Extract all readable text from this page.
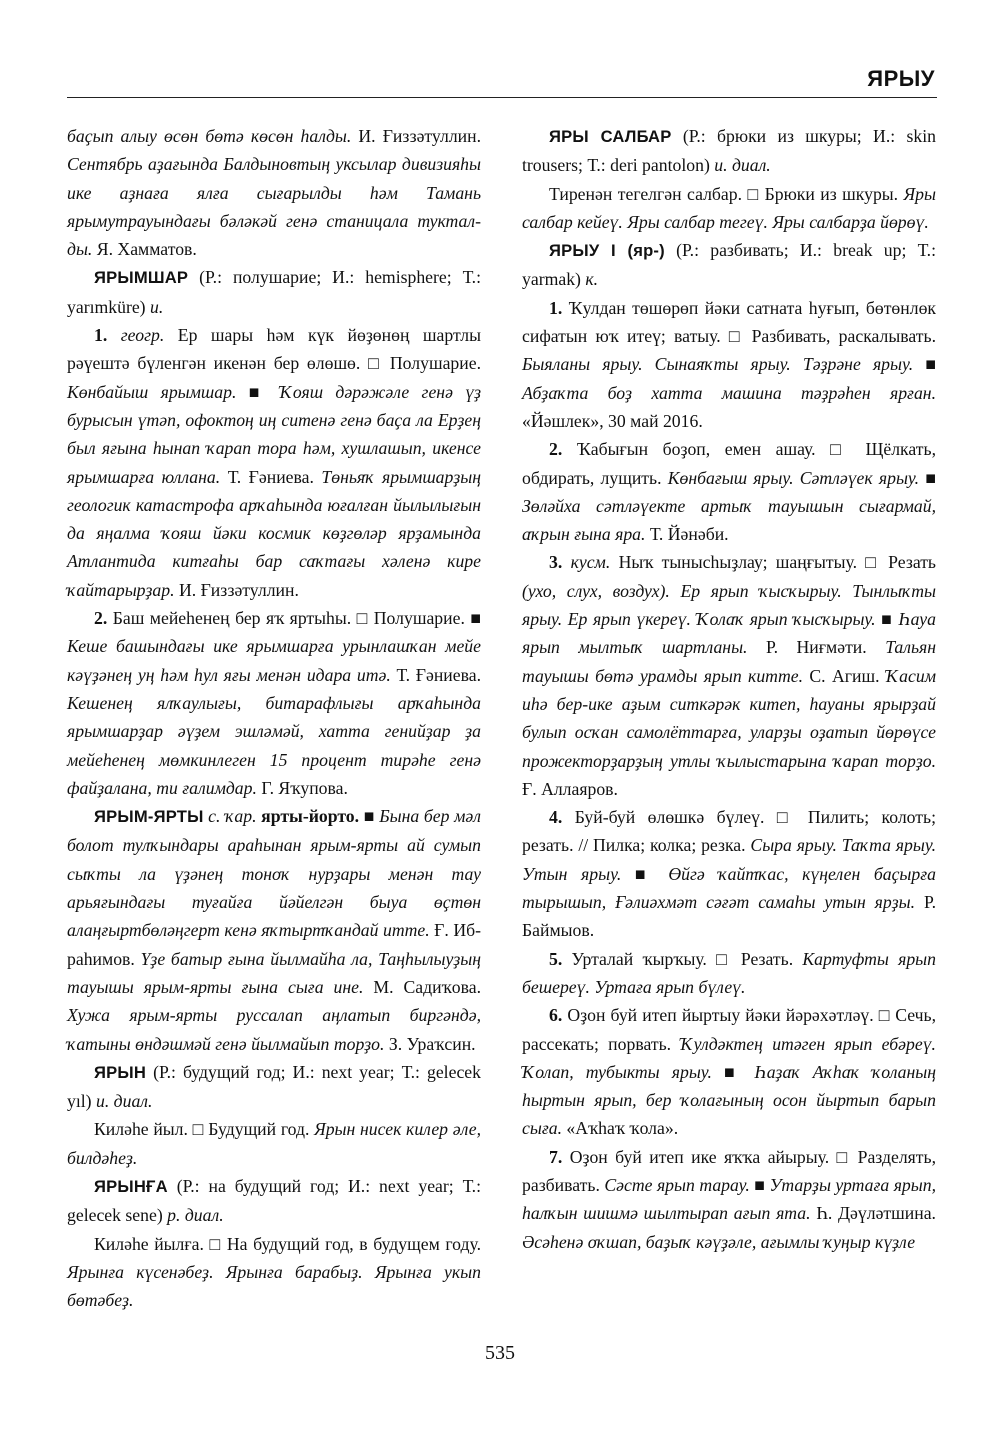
ЯРЫУ

баҫып алыу өсөн бөтә көсөн һалды. И. Ғиззәтуллин. Сентябрь аҙағында Балдыновтың уксылар дивизияhы ике аҙнаға ялға сығарылды һәм Тамань ярымутрауындағы бәләкәй генә станицала тукталды. Я. Хамматов.

ЯРЫМШАР (Р.: полушарие; И.: hemisphere; Т.: yarımküre) и.

1. геогр. Ер шары һәм күк йөҙөнөң шартлы рәүештә бүленгән икенән бер өлөшө. □ Полушарие. Көнбайыш ярымшар. ■ Ҡояш дәрәжәле генә үҙ бурысын үтәп, офоктоң иң ситенә генә баҫа ла Ерҙең был яғына һынап ҡарап тора һәм, хушлашып, икенсе ярымшарға юллана. Т. Ғәниева. Төньяҡ ярымшарҙың геологик катастрофа арҡаhында юғалған йылылығын да яңалма ҡояш йәки космик көҙгөләр ярҙамында Атлантида китғаhы бар саҡтағы хәленә кире ҡайтарырҙар. И. Ғиззәтуллин.

2. Баш мейеhенең бер яҡ яртыhы. □ Полушарие. ■ Кеше башындағы ике ярымшарға урынлашҡан мейе кәүҙәнең уң һәм һул яғы менән идара итә. Т. Ғәниева. Кешенең ялҡаулығы, битарафлығы арҡаhында ярымшарҙар әүҙем эшләмәй, хатта генийҙар ҙа мейеhенең мөмкинлеген 15 процент тиpәhе генә файҙалана, ти ғалимдар. Г. Яҡупова.

ЯРЫМ-ЯРТЫ с. ҡар. ярты-йорто. ■ Бына бер мәл болот тулҡындары араhынан ярым-ярты ай сумып сыҡты ла үҙәнең тоноҡ нурҙары менән тау арьяғындағы туғайға йәйелгән быуа өҫтөн алаңғыртбөләңгерт кенә яҡтыртҡандай итте. Ғ. Ибраhимов. Үҙе батыр ғына йылмайhа ла, Таңhылыуҙың тауышы ярым-ярты ғына сыға ине. М. Садиҡова. Хужа ярым-ярты руссалап аңлатып биргәндә, ҡатыны өндәшмәй генә йылмайып торҙо. З. Ураҡсин.

ЯРЫН (Р.: будущий год; И.: next year; Т.: gelecek yıl) и. диал.

Киләhе йыл. □ Будущий год. Ярын нисек килер әле, билдәhеҙ.

ЯРЫНҒА (Р.: на будущий год; И.: next year; Т.: gelecek sene) р. диал.

Киләhе йылға. □ На будущий год, в будущем году. Ярынға күсенәбеҙ. Ярынға барабыҙ. Ярынға укып бөтәбеҙ.

ЯРЫ САЛБАР (Р.: брюки из шкуры; И.: skin trousers; Т.: deri pantolon) и. диал.

Тиренән тегелгән салбар. □ Брюки из шкуры. Яры салбар кейеү. Яры салбар тегеү. Яры салбарҙа йөрөү.

ЯРЫУ I (яр-) (Р.: разбивать; И.: break up; Т.: yarmak) к.

1. Ҡулдан төшөрөп йәки сатната һуғып, бөтөнлөк сифатын юҡ итеү; ватыу. □ Разбивать, раскалывать. Быяланы ярыу. Сынаяҡты ярыу. Тәҙрәне ярыу. ■ Абҙаҡта боҙ хатта машина тәҙрәhен ярған. «Йәшлек», 30 май 2016.

2. Ҡабығын боҙоп, емен ашау. □ Щёлкать, обдирать, лущить. Көнбағыш ярыу. Сәтләүек ярыу. ■ Зөләйха сәтләүекте артыҡ тауышын сығармай, аҡрын ғына яра. Т. Йәнәби.

3. кусм. Ныҡ тынысhыҙлау; шаңғытыу. □ Резать (ухо, слух, воздух). Ер ярып ҡысҡырыу. Тынлыҡты ярыу. Ер ярып үкереү. Ҡолаҡ ярып ҡысҡырыу. ■ Һауа ярып мылтыҡ шартланы. Р. Ниғмәти. Тальян тауышы бөтә урамды ярып китте. С. Агиш. Ҡасим иhә бер-ике аҙым ситкәрәк китеп, һауаны ярырҙай булып осҡан самолёттарға, уларҙы оҙатып йөрөүсе прожекторҙарҙың утлы ҡылыстарына ҡарап торҙо. Ғ. Аллаяров.

4. Буй-буй өлөшкә бүлеү. □ Пилить; колоть; резать. // Пилка; колка; резка. Сыра ярыу. Таҡта ярыу. Утын ярыу. ■ Өйгә ҡайтҡас, күңелен баҫырға тырышып, Ғәлиәхмәт сәғәт самаhы утын ярҙы. Р. Баймыов.

5. Урталай ҡырҡыу. □ Резать. Картуфты ярып бешереү. Уртаға ярып бүлеү.

6. Оҙон буй итеп йыртыу йәки йәрәхәтләү. □ Сечь, рассекать; порвать. Ҡулдәктең итәген ярып ебәреү. Ҡолап, тубыкты ярыу. ■ Һаҙаҡ Аҡhаҡ ҡоланың һыртын ярып, бер ҡолағының осон йыртып барып сыға. «Аҡhаҡ ҡола».

7. Оҙон буй итеп ике яҡҡа айырыу. □ Разделять, разбивать. Сәсте ярып тарау. ■ Утарҙы уртаға ярып, һалҡын шишмә шылтырап ағып ята. Һ. Дәүләтшина. Әсәhенә оҡшап, баҙыҡ кәүҙәле, ағымлы ҡуңыр күҙле

535
